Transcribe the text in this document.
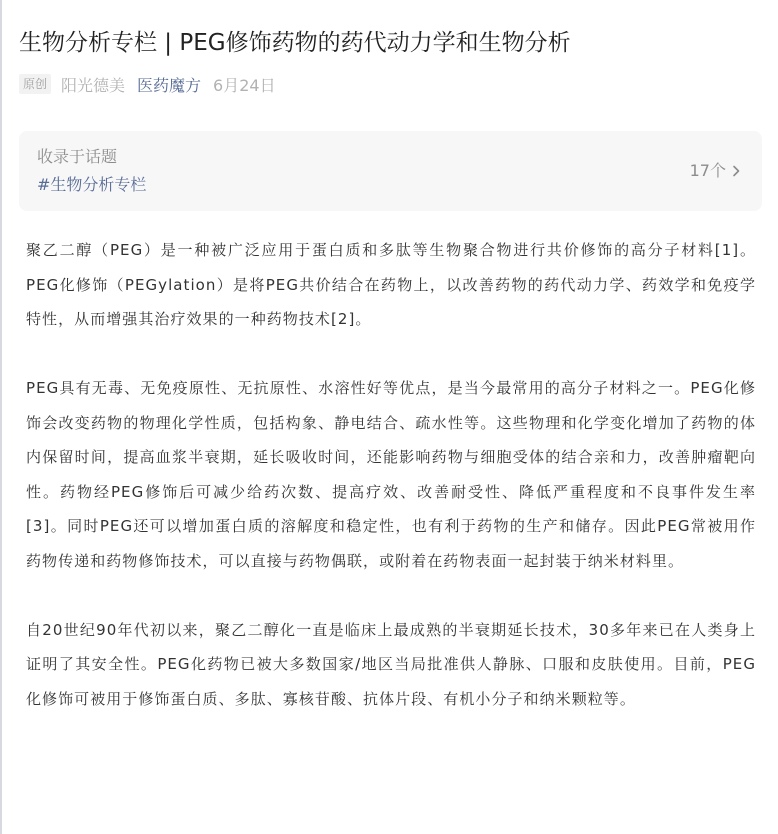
生物分析专栏 | PEG修饰药物的药代动力学和生物分析
原创 阳光德美 医药魔方 6月24日
收录于话题
#生物分析专栏
17个

聚乙二醇（PEG）是一种被广泛应用于蛋白质和多肽等生物聚合物进行共价修饰的高分子材料[1]。PEG化修饰（PEGylation）是将PEG共价结合在药物上，以改善药物的药代动力学、药效学和免疫学特性，从而增强其治疗效果的一种药物技术[2]。

PEG具有无毒、无免疫原性、无抗原性、水溶性好等优点，是当今最常用的高分子材料之一。PEG化修饰会改变药物的物理化学性质，包括构象、静电结合、疏水性等。这些物理和化学变化增加了药物的体内保留时间，提高血浆半衰期，延长吸收时间，还能影响药物与细胞受体的结合亲和力，改善肿瘤靶向性。药物经PEG修饰后可减少给药次数、提高疗效、改善耐受性、降低严重程度和不良事件发生率[3]。同时PEG还可以增加蛋白质的溶解度和稳定性，也有利于药物的生产和储存。因此PEG常被用作药物传递和药物修饰技术，可以直接与药物偶联，或附着在药物表面一起封装于纳米材料里。

自20世纪90年代初以来，聚乙二醇化一直是临床上最成熟的半衰期延长技术，30多年来已在人类身上证明了其安全性。PEG化药物已被大多数国家/地区当局批准供人静脉、口服和皮肤使用。目前，PEG化修饰可被用于修饰蛋白质、多肽、寡核苷酸、抗体片段、有机小分子和纳米颗粒等。
